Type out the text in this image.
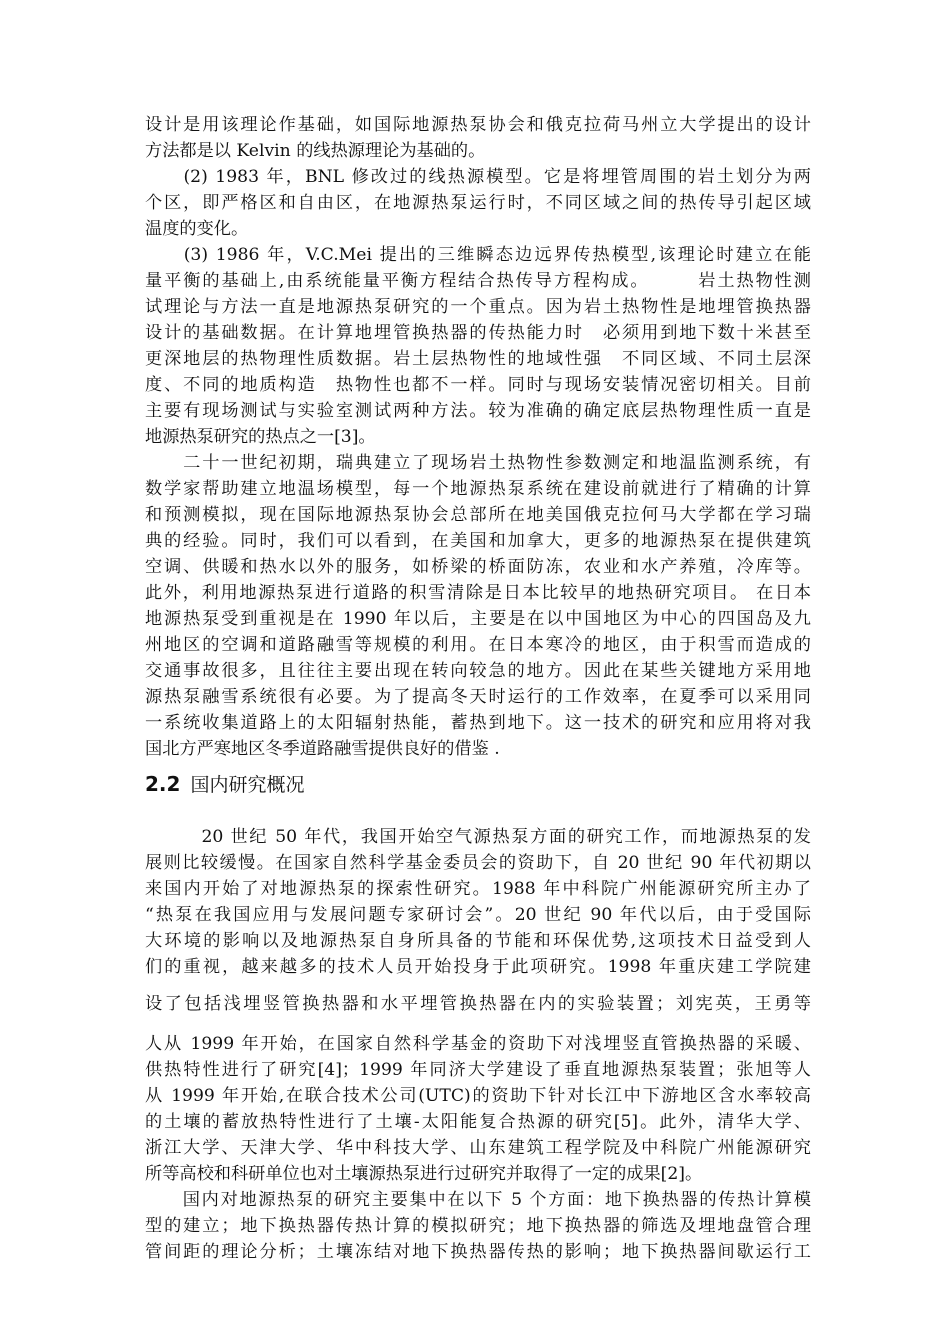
设计是用该理论作基础，如国际地源热泵协会和俄克拉荷马州立大学提出的设计
方法都是以 Kelvin 的线热源理论为基础的。
　　(2) 1983 年，BNL 修改过的线热源模型。它是将埋管周围的岩土划分为两
个区，即严格区和自由区，在地源热泵运行时，不同区域之间的热传导引起区域
温度的变化。
　　(3) 1986 年，V.C.Mei 提出的三维瞬态边远界传热模型,该理论时建立在能
量平衡的基础上,由系统能量平衡方程结合热传导方程构成。　　　岩土热物性测
试理论与方法一直是地源热泵研究的一个重点。因为岩土热物性是地埋管换热器
设计的基础数据。在计算地埋管换热器的传热能力时　必须用到地下数十米甚至
更深地层的热物理性质数据。岩土层热物性的地域性强　不同区域、不同土层深
度、不同的地质构造　热物性也都不一样。同时与现场安装情况密切相关。目前
主要有现场测试与实验室测试两种方法。较为准确的确定底层热物理性质一直是
地源热泵研究的热点之一[3]。
　　二十一世纪初期，瑞典建立了现场岩土热物性参数测定和地温监测系统，有
数学家帮助建立地温场模型，每一个地源热泵系统在建设前就进行了精确的计算
和预测模拟，现在国际地源热泵协会总部所在地美国俄克拉何马大学都在学习瑞
典的经验。同时，我们可以看到，在美国和加拿大，更多的地源热泵在提供建筑
空调、供暖和热水以外的服务，如桥梁的桥面防冻，农业和水产养殖，冷库等。
此外，利用地源热泵进行道路的积雪清除是日本比较早的地热研究项目。 在日本
地源热泵受到重视是在 1990 年以后，主要是在以中国地区为中心的四国岛及九
州地区的空调和道路融雪等规模的利用。在日本寒冷的地区，由于积雪而造成的
交通事故很多，且往往主要出现在转向较急的地方。因此在某些关键地方采用地
源热泵融雪系统很有必要。为了提高冬天时运行的工作效率，在夏季可以采用同
一系统收集道路上的太阳辐射热能，蓄热到地下。这一技术的研究和应用将对我
国北方严寒地区冬季道路融雪提供良好的借鉴 .
2.2 国内研究概况
　　　20 世纪 50 年代，我国开始空气源热泵方面的研究工作，而地源热泵的发
展则比较缓慢。在国家自然科学基金委员会的资助下，自 20 世纪 90 年代初期以
来国内开始了对地源热泵的探索性研究。1988 年中科院广州能源研究所主办了
“热泵在我国应用与发展问题专家研讨会”。20 世纪 90 年代以后，由于受国际
大环境的影响以及地源热泵自身所具备的节能和环保优势,这项技术日益受到人
们的重视，越来越多的技术人员开始投身于此项研究。1998 年重庆建工学院建
设了包括浅埋竖管换热器和水平埋管换热器在内的实验装置；刘宪英，王勇等
人从 1999 年开始，在国家自然科学基金的资助下对浅埋竖直管换热器的采暖、
供热特性进行了研究[4]；1999 年同济大学建设了垂直地源热泵装置；张旭等人
从 1999 年开始,在联合技术公司(UTC)的资助下针对长江中下游地区含水率较高
的土壤的蓄放热特性进行了土壤-太阳能复合热源的研究[5]。此外，清华大学、
浙江大学、天津大学、华中科技大学、山东建筑工程学院及中科院广州能源研究
所等高校和科研单位也对土壤源热泵进行过研究并取得了一定的成果[2]。
　　国内对地源热泵的研究主要集中在以下 5 个方面：地下换热器的传热计算模
型的建立；地下换热器传热计算的模拟研究；地下换热器的筛选及埋地盘管合理
管间距的理论分析；土壤冻结对地下换热器传热的影响；地下换热器间歇运行工
